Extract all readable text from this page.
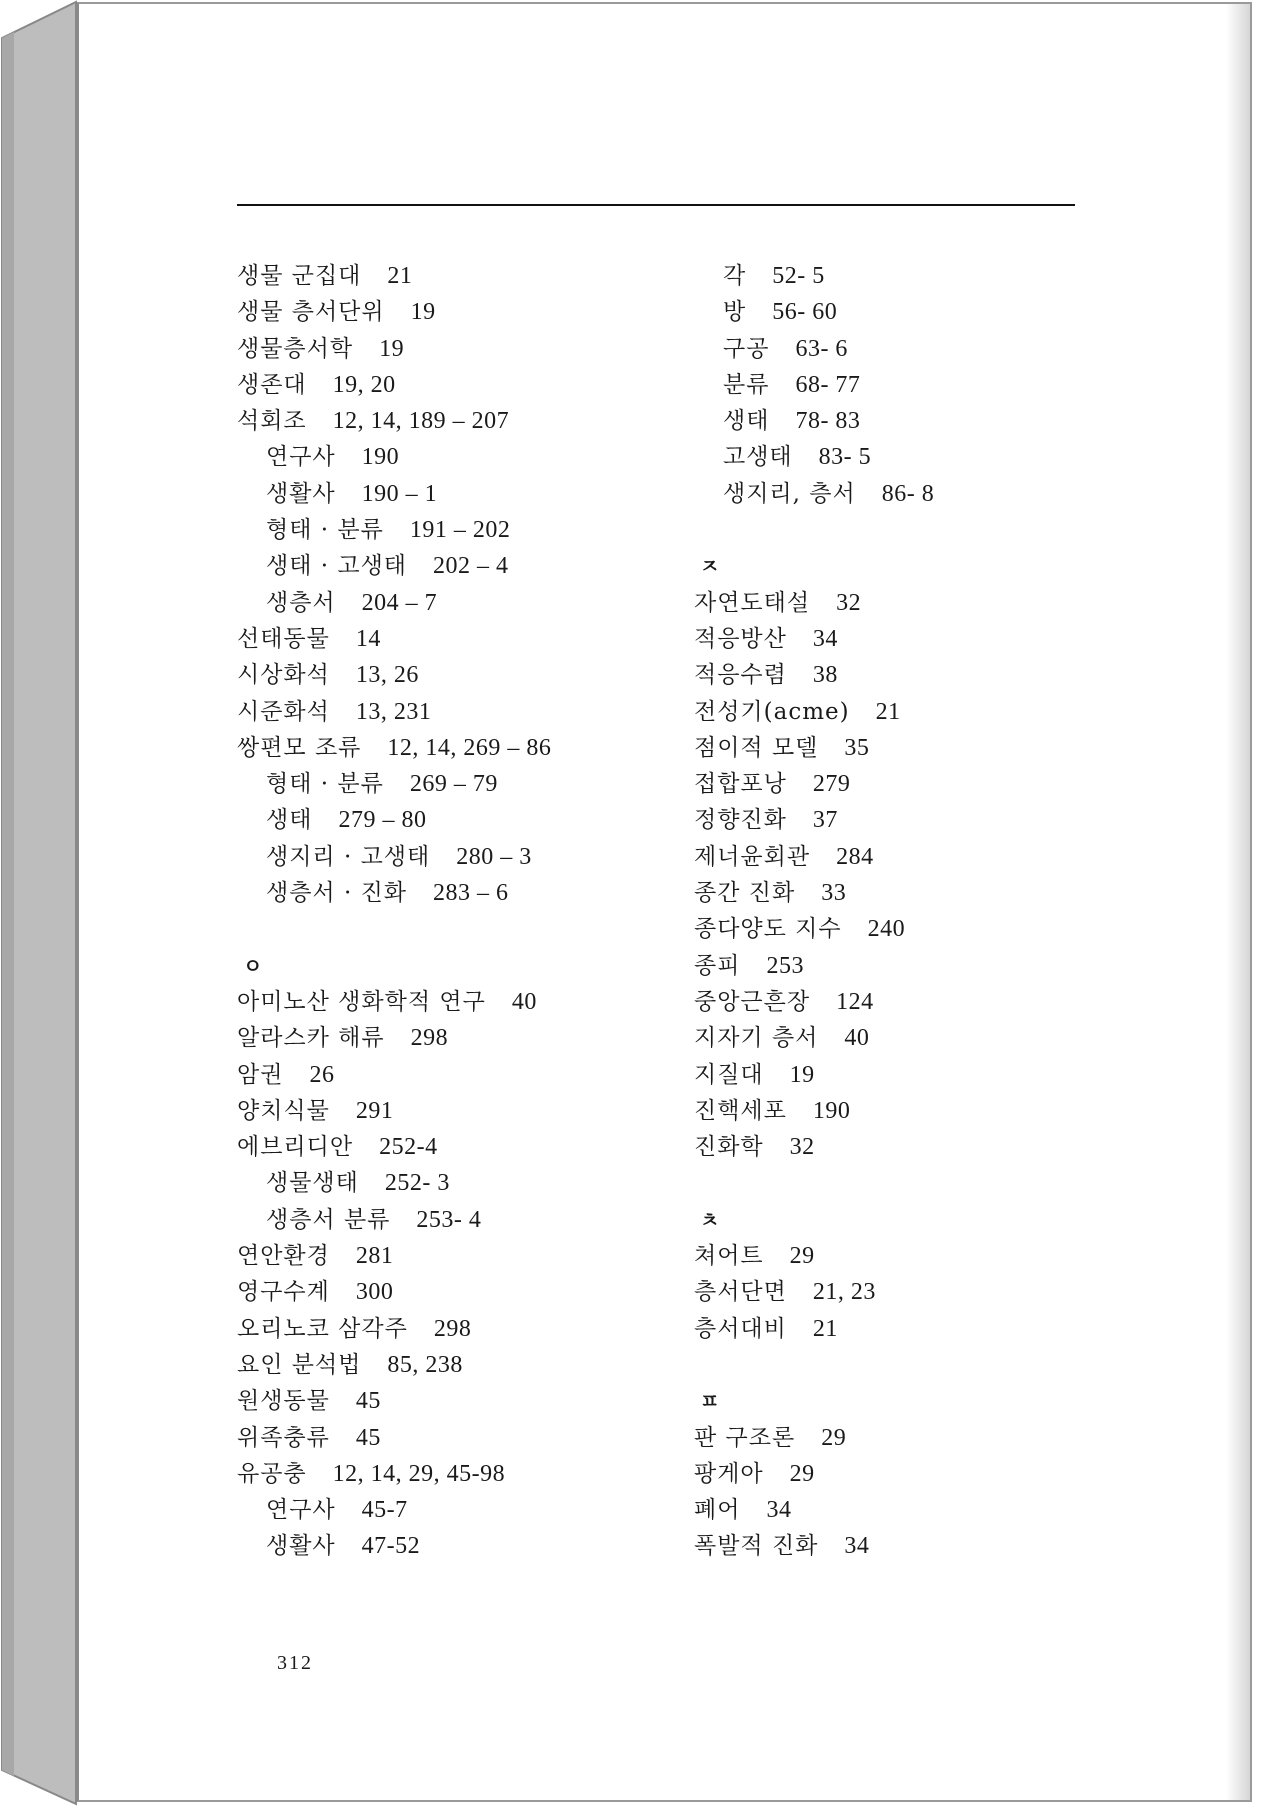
생물 군집대 21
생물 층서단위 19
생물층서학 19
생존대 19, 20
석회조 12, 14, 189 – 207
연구사 190
생활사 190 – 1
형태 · 분류 191 – 202
생태 · 고생태 202 – 4
생층서 204 – 7
선태동물 14
시상화석 13, 26
시준화석 13, 231
쌍편모 조류 12, 14, 269 – 86
형태 · 분류 269 – 79
생태 279 – 80
생지리 · 고생태 280 – 3
생층서 · 진화 283 – 6
ㅇ
아미노산 생화학적 연구 40
알라스카 해류 298
암권 26
양치식물 291
에브리디안 252-4
생물생태 252- 3
생층서 분류 253- 4
연안환경 281
영구수계 300
오리노코 삼각주 298
요인 분석법 85, 238
원생동물 45
위족충류 45
유공충 12, 14, 29, 45-98
연구사 45-7
생활사 47-52
각 52- 5
방 56- 60
구공 63- 6
분류 68- 77
생태 78- 83
고생태 83- 5
생지리, 층서 86- 8
ㅈ
자연도태설 32
적응방산 34
적응수렴 38
전성기(acme) 21
점이적 모델 35
접합포낭 279
정향진화 37
제너윤회관 284
종간 진화 33
종다양도 지수 240
종피 253
중앙근흔장 124
지자기 층서 40
지질대 19
진핵세포 190
진화학 32
ㅊ
쳐어트 29
층서단면 21, 23
층서대비 21
ㅍ
판 구조론 29
팡게아 29
폐어 34
폭발적 진화 34
312
